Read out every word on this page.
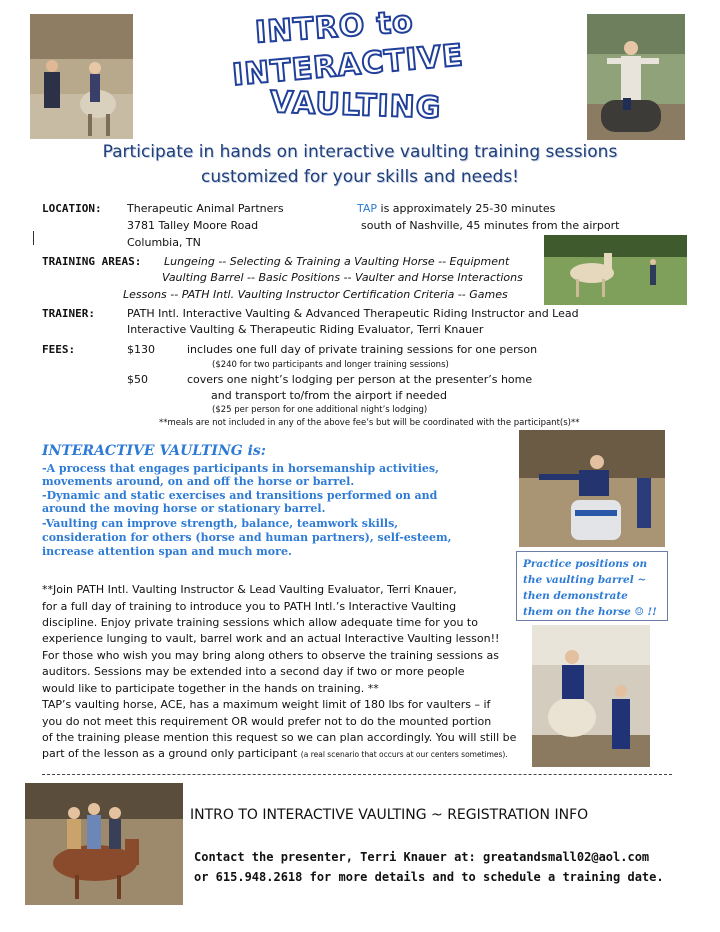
INTRO to
INTERACTIVE
VAULTING
Participate in hands on interactive vaulting training sessions
customized for your skills and needs!
LOCATION: Therapeutic Animal Partners
3781 Talley Moore Road
Columbia, TN
TAP is approximately 25-30 minutes
south of Nashville, 45 minutes from the airport
TRAINING AREAS: Lungeing -- Selecting & Training a Vaulting Horse -- Equipment
Vaulting Barrel -- Basic Positions -- Vaulter and Horse Interactions
Lessons -- PATH Intl. Vaulting Instructor Certification Criteria -- Games
TRAINER:	PATH Intl. Interactive Vaulting & Advanced Therapeutic Riding Instructor and Lead
Interactive Vaulting & Therapeutic Riding Evaluator, Terri Knauer
FEES:	$130	includes one full day of private training sessions for one person
($240 for two participants and longer training sessions)
$50	covers one night’s lodging per person at the presenter’s home
and transport to/from the airport if needed
($25 per person for one additional night’s lodging)
**meals are not included in any of the above fee’s but will be coordinated with the participant(s)**
INTERACTIVE VAULTING is:
-A process that engages participants in horsemanship activities,
movements around, on and off the horse or barrel.
-Dynamic and static exercises and transitions performed on and
around the moving horse or stationary barrel.
-Vaulting can improve strength, balance, teamwork skills,
consideration for others (horse and human partners), self-esteem,
increase attention span and much more.
Practice positions on
the vaulting barrel ~
then demonstrate
them on the horse ☺ !!
**Join PATH Intl. Vaulting Instructor & Lead Vaulting Evaluator, Terri Knauer,
for a full day of training to introduce you to PATH Intl.’s Interactive Vaulting
discipline. Enjoy private training sessions which allow adequate time for you to
experience lunging to vault, barrel work and an actual Interactive Vaulting lesson!!
For those who wish you may bring along others to observe the training sessions as
auditors. Sessions may be extended into a second day if two or more people
would like to participate together in the hands on training. **
TAP’s vaulting horse, ACE, has a maximum weight limit of 180 lbs for vaulters – if
you do not meet this requirement OR would prefer not to do the mounted portion
of the training please mention this request so we can plan accordingly. You will still be
part of the lesson as a ground only participant (a real scenario that occurs at our centers sometimes).
INTRO TO INTERACTIVE VAULTING ~ REGISTRATION INFO
Contact the presenter, Terri Knauer at: greatandsmall02@aol.com
or 615.948.2618 for more details and to schedule a training date.
